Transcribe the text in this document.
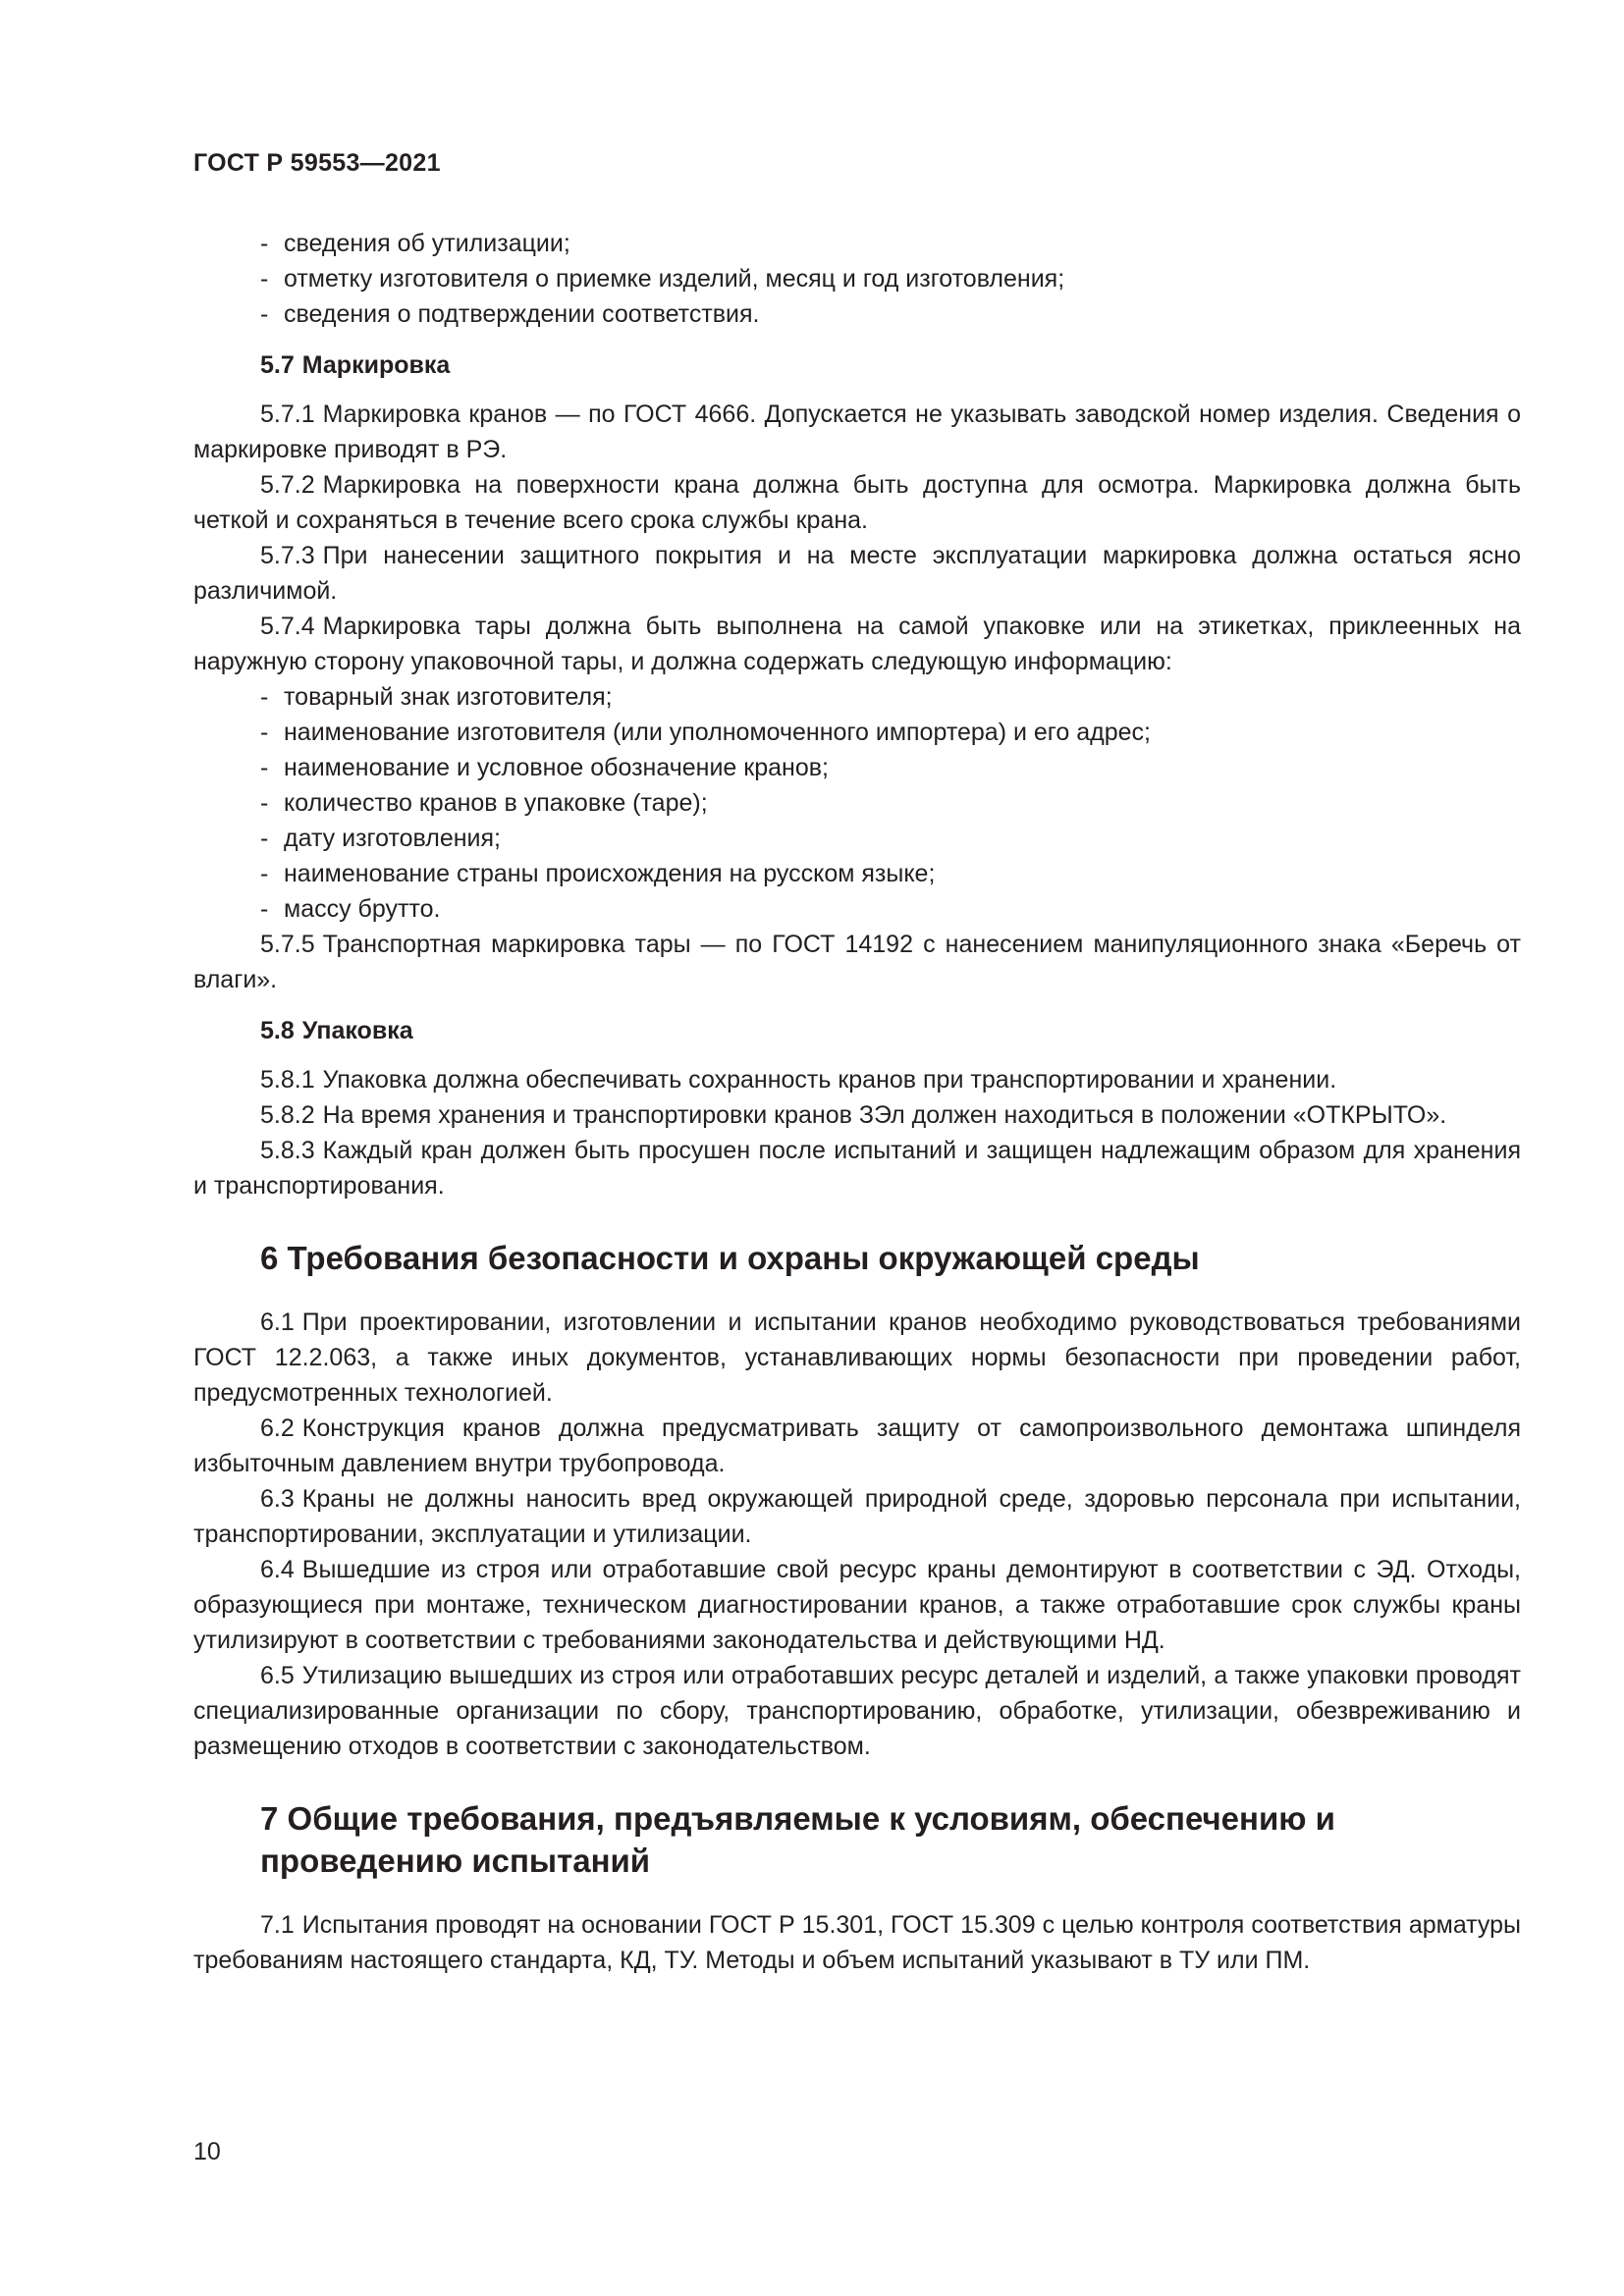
ГОСТ Р 59553—2021

- сведения об утилизации;

- отметку изготовителя о приемке изделий, месяц и год изготовления;

- сведения о подтверждении соответствия.

5.7 Маркировка

5.7.1 Маркировка кранов — по ГОСТ 4666. Допускается не указывать заводской номер изделия. Сведения о маркировке приводят в РЭ.

5.7.2 Маркировка на поверхности крана должна быть доступна для осмотра. Маркировка должна быть четкой и сохраняться в течение всего срока службы крана.

5.7.3 При нанесении защитного покрытия и на месте эксплуатации маркировка должна остаться ясно различимой.

5.7.4 Маркировка тары должна быть выполнена на самой упаковке или на этикетках, приклеенных на наружную сторону упаковочной тары, и должна содержать следующую информацию:

- товарный знак изготовителя;

- наименование изготовителя (или уполномоченного импортера) и его адрес;

- наименование и условное обозначение кранов;

- количество кранов в упаковке (таре);

- дату изготовления;

- наименование страны происхождения на русском языке;

- массу брутто.

5.7.5 Транспортная маркировка тары — по ГОСТ 14192 с нанесением манипуляционного знака «Беречь от влаги».

5.8 Упаковка

5.8.1 Упаковка должна обеспечивать сохранность кранов при транспортировании и хранении.

5.8.2 На время хранения и транспортировки кранов ЗЭл должен находиться в положении «ОТКРЫТО».

5.8.3 Каждый кран должен быть просушен после испытаний и защищен надлежащим образом для хранения и транспортирования.

6 Требования безопасности и охраны окружающей среды

6.1 При проектировании, изготовлении и испытании кранов необходимо руководствоваться требованиями ГОСТ 12.2.063, а также иных документов, устанавливающих нормы безопасности при проведении работ, предусмотренных технологией.

6.2 Конструкция кранов должна предусматривать защиту от самопроизвольного демонтажа шпинделя избыточным давлением внутри трубопровода.

6.3 Краны не должны наносить вред окружающей природной среде, здоровью персонала при испытании, транспортировании, эксплуатации и утилизации.

6.4 Вышедшие из строя или отработавшие свой ресурс краны демонтируют в соответствии с ЭД. Отходы, образующиеся при монтаже, техническом диагностировании кранов, а также отработавшие срок службы краны утилизируют в соответствии с требованиями законодательства и действующими НД.

6.5 Утилизацию вышедших из строя или отработавших ресурс деталей и изделий, а также упаковки проводят специализированные организации по сбору, транспортированию, обработке, утилизации, обезвреживанию и размещению отходов в соответствии с законодательством.

7 Общие требования, предъявляемые к условиям, обеспечению и проведению испытаний

7.1 Испытания проводят на основании ГОСТ Р 15.301, ГОСТ 15.309 с целью контроля соответствия арматуры требованиям настоящего стандарта, КД, ТУ. Методы и объем испытаний указывают в ТУ или ПМ.

10
